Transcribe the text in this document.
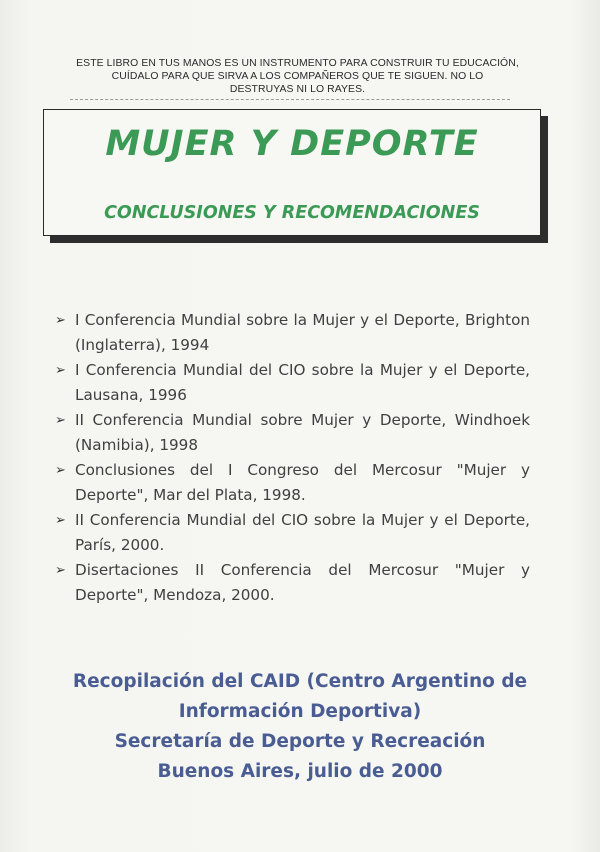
ESTE LIBRO EN TUS MANOS ES UN INSTRUMENTO PARA CONSTRUIR TU EDUCACIÓN,
CUÍDALO PARA QUE SIRVA A LOS COMPAÑEROS QUE TE SIGUEN. NO LO
DESTRUYAS NI LO RAYES.
MUJER Y DEPORTE
CONCLUSIONES Y RECOMENDACIONES
➢ I Conferencia Mundial sobre la Mujer y el Deporte, Brighton (Inglaterra), 1994
➢ I Conferencia Mundial del CIO sobre la Mujer y el Deporte, Lausana, 1996
➢ II Conferencia Mundial sobre Mujer y Deporte, Windhoek (Namibia), 1998
➢ Conclusiones del I Congreso del Mercosur "Mujer y Deporte", Mar del Plata, 1998.
➢ II Conferencia Mundial del CIO sobre la Mujer y el Deporte, París, 2000.
➢ Disertaciones II Conferencia del Mercosur "Mujer y Deporte", Mendoza, 2000.
Recopilación del CAID (Centro Argentino de
Información Deportiva)
Secretaría de Deporte y Recreación
Buenos Aires, julio de 2000
